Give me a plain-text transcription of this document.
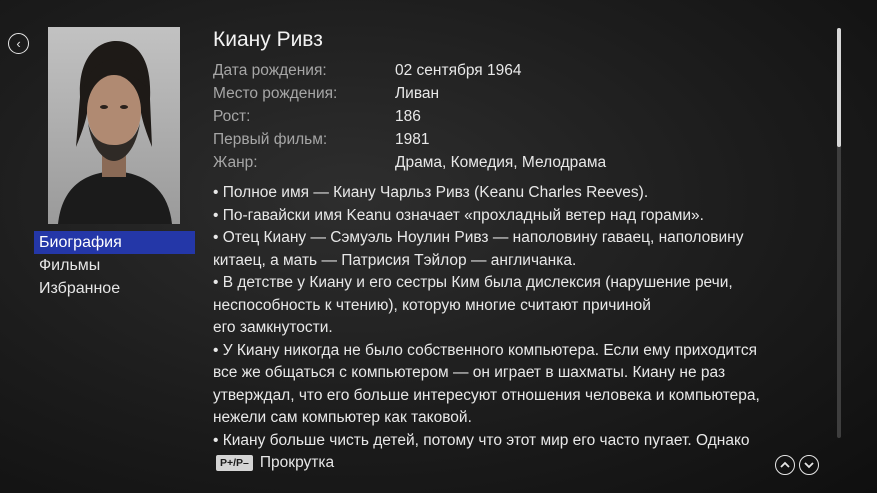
‹
Биография
Фильмы
Избранное
Киану Ривз
Дата рождения:	02 сентября 1964
Место рождения:	Ливан
Рост:	186
Первый фильм:	1981
Жанр:	Драма, Комедия, Мелодрама
• Полное имя — Киану Чарльз Ривз (Keanu Charles Reeves).
• По-гавайски имя Keanu означает «прохладный ветер над горами».
• Отец Киану — Сэмуэль Ноулин Ривз — наполовину гаваец, наполовину
китаец, а мать — Патрисия Тэйлор — англичанка.
• В детстве у Киану и его сестры Ким была дислексия (нарушение речи,
неспособность к чтению), которую многие считают причиной
его замкнутости.
• У Киану никогда не было собственного компьютера. Если ему приходится
все же общаться с компьютером — он играет в шахматы. Киану не раз
утверждал, что его больше интересуют отношения человека и компьютера,
нежели сам компьютер как таковой.
• Киану больше чисть детей, потому что этот мир его часто пугает. Однако
P+/P– Прокрутка
